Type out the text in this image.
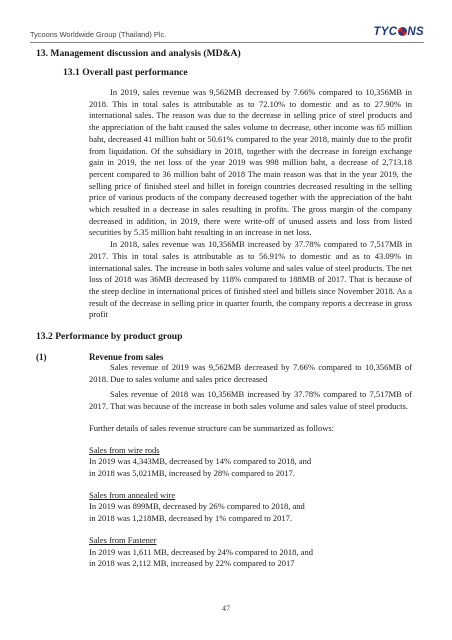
Tycoons Worldwide Group (Thailand) Plc.	TYC NS

13. Management discussion and analysis (MD&A)

13.1 Overall past performance

In 2019, sales revenue was 9,562MB decreased by 7.66% compared to 10,356MB in 2018. This in total sales is attributable as to 72.10% to domestic and as to 27.90% in international sales. The reason was due to the decrease in selling price of steel products and the appreciation of the baht caused the sales volume to decrease, other income was 65 million baht, decreased 41 million baht or 50.61% compared to the year 2018, mainly due to the profit from liquidation. Of the subsidiary in 2018, together with the decrease in foreign exchange gain in 2019, the net loss of the year 2019 was 998 million baht, a decrease of 2,713.18 percent compared to 36 million baht of 2018 The main reason was that in the year 2019, the selling price of finished steel and billet in foreign countries decreased resulting in the selling price of various products of the company decreased together with the appreciation of the baht which resulted in a decrease in sales resulting in profits. The gross margin of the company decreased in addition, in 2019, there were write-off of unused assets and loss from listed securities by 5.35 million baht resulting in an increase in net loss.

In 2018, sales revenue was 10,356MB increased by 37.78% compared to 7,517MB in 2017. This in total sales is attributable as to 56.91% to domestic and as to 43.09% in international sales. The increase in both sales volume and sales value of steel products. The net loss of 2018 was 36MB decreased by 118% compared to 188MB of 2017. That is because of the steep decline in international prices of finished steel and billets since November 2018. As a result of the decrease in selling price in quarter fourth, the company reports a decrease in gross profit

13.2 Performance by product group

(1)	Revenue from sales

Sales revenue of 2019 was 9,562MB decreased by 7.66% compared to 10,356MB of 2018. Due to sales volume and sales price decreased

Sales revenue of 2018 was 10,356MB increased by 37.78% compared to 7,517MB of 2017. That was because of the increase in both sales volume and sales value of steel products.

Further details of sales revenue structure can be summarized as follows:

Sales from wire rods

In 2019 was 4,343MB, decreased by 14% compared to 2018, and

in 2018 was 5,021MB, increased by 28% compared to 2017.

Sales from annealed wire

In 2019 was 899MB, decreased by 26% compared to 2018, and

in 2018 was 1,218MB, decreased by 1% compared to 2017.

Sales from Fastener

In 2019 was 1,611 MB, decreased by 24% compared to 2018, and

in 2018 was 2,112 MB, increased by 22% compared to 2017

47
